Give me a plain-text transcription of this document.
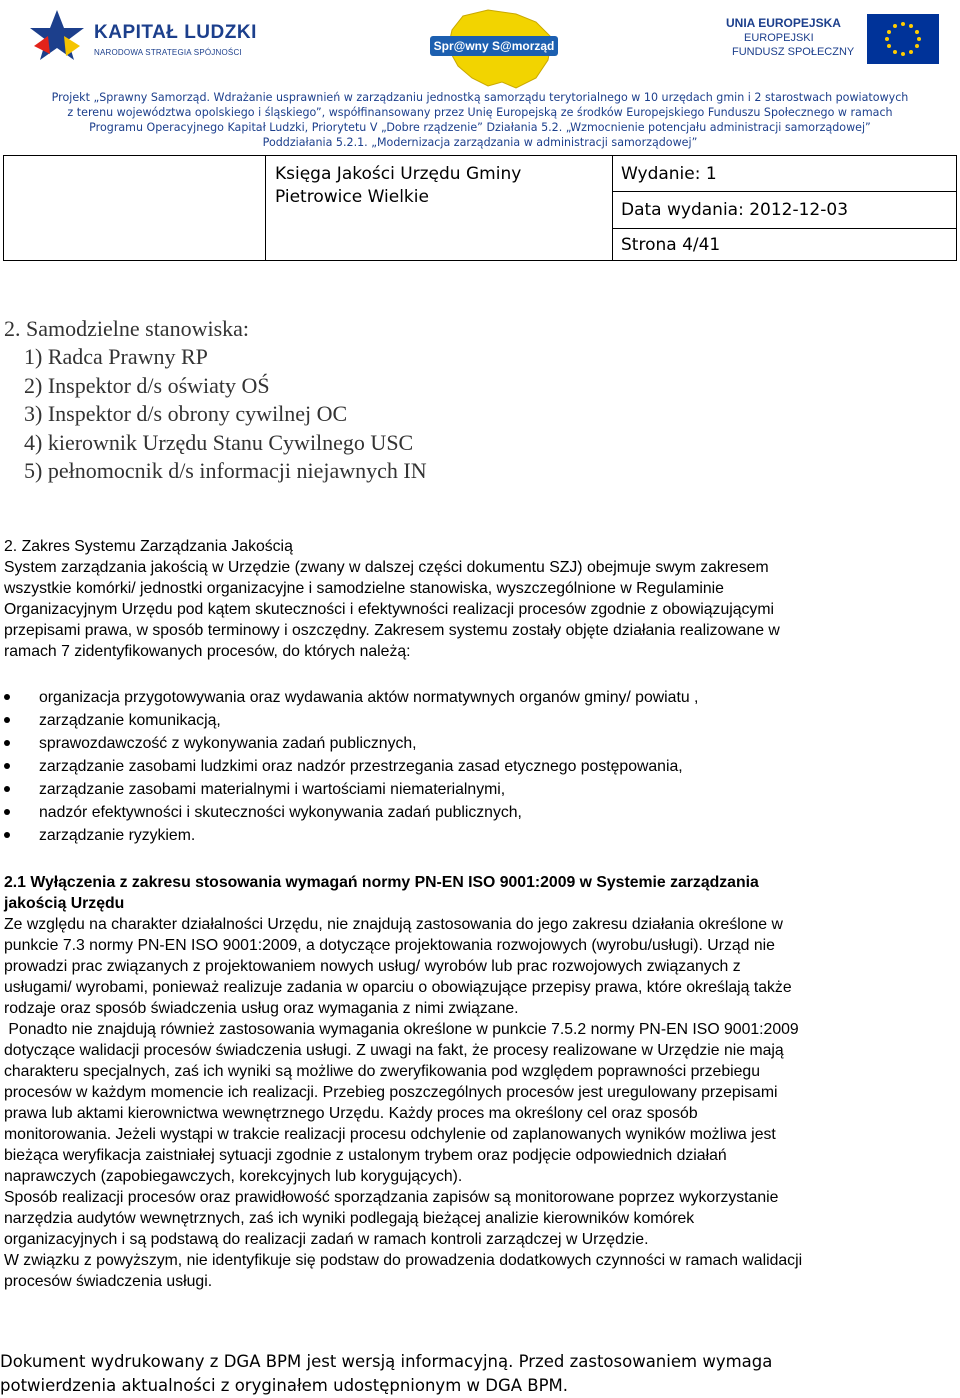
KAPITAŁ LUDZKI
NARODOWA STRATEGIA SPÓJNOŚCI	Spr@wny S@morząd
UNIA EUROPEJSKA
EUROPEJSKI
FUNDUSZ SPOŁECZNY
Projekt „Sprawny Samorząd. Wdrażanie usprawnień w zarządzaniu jednostką samorządu terytorialnego w 10 urzędach gmin i 2 starostwach powiatowych
z terenu województwa opolskiego i śląskiego”, współfinansowany przez Unię Europejską ze środków Europejskiego Funduszu Społecznego w ramach
Programu Operacyjnego Kapitał Ludzki, Priorytetu V „Dobre rządzenie” Działania 5.2. „Wzmocnienie potencjału administracji samorządowej”
Poddziałania 5.2.1. „Modernizacja zarządzania w administracji samorządowej”
Księga Jakości Urzędu Gminy
Pietrowice Wielkie
Wydanie: 1
Data wydania: 2012-12-03
Strona 4/41
2. Samodzielne stanowiska:
1) Radca Prawny RP
2) Inspektor d/s oświaty OŚ
3) Inspektor d/s obrony cywilnej OC
4) kierownik Urzędu Stanu Cywilnego USC
5) pełnomocnik d/s informacji niejawnych IN
2. Zakres Systemu Zarządzania Jakością
System zarządzania jakością w Urzędzie (zwany w dalszej części dokumentu SZJ) obejmuje swym zakresem
wszystkie komórki/ jednostki organizacyjne i samodzielne stanowiska, wyszczególnione w Regulaminie
Organizacyjnym Urzędu pod kątem skuteczności i efektywności realizacji procesów zgodnie z obowiązującymi
przepisami prawa, w sposób terminowy i oszczędny. Zakresem systemu zostały objęte działania realizowane w
ramach 7 zidentyfikowanych procesów, do których należą:
organizacja przygotowywania oraz wydawania aktów normatywnych organów gminy/ powiatu ,
zarządzanie komunikacją,
sprawozdawczość z wykonywania zadań publicznych,
zarządzanie zasobami ludzkimi oraz nadzór przestrzegania zasad etycznego postępowania,
zarządzanie zasobami materialnymi i wartościami niematerialnymi,
nadzór efektywności i skuteczności wykonywania zadań publicznych,
zarządzanie ryzykiem.
2.1 Wyłączenia z zakresu stosowania wymagań normy PN-EN ISO 9001:2009 w Systemie zarządzania
jakością Urzędu
Ze względu na charakter działalności Urzędu, nie znajdują zastosowania do jego zakresu działania określone w
punkcie 7.3 normy PN-EN ISO 9001:2009, a dotyczące projektowania rozwojowych (wyrobu/usługi). Urząd nie
prowadzi prac związanych z projektowaniem nowych usług/ wyrobów lub prac rozwojowych związanych z
usługami/ wyrobami, ponieważ realizuje zadania w oparciu o obowiązujące przepisy prawa, które określają także
rodzaje oraz sposób świadczenia usług oraz wymagania z nimi związane.
Ponadto nie znajdują również zastosowania wymagania określone w punkcie 7.5.2 normy PN-EN ISO 9001:2009
dotyczące walidacji procesów świadczenia usługi. Z uwagi na fakt, że procesy realizowane w Urzędzie nie mają
charakteru specjalnych, zaś ich wyniki są możliwe do zweryfikowania pod względem poprawności przebiegu
procesów w każdym momencie ich realizacji. Przebieg poszczególnych procesów jest uregulowany przepisami
prawa lub aktami kierownictwa wewnętrznego Urzędu. Każdy proces ma określony cel oraz sposób
monitorowania. Jeżeli wystąpi w trakcie realizacji procesu odchylenie od zaplanowanych wyników możliwa jest
bieżąca weryfikacja zaistniałej sytuacji zgodnie z ustalonym trybem oraz podjęcie odpowiednich działań
naprawczych (zapobiegawczych, korekcyjnych lub korygujących).
Sposób realizacji procesów oraz prawidłowość sporządzania zapisów są monitorowane poprzez wykorzystanie
narzędzia audytów wewnętrznych, zaś ich wyniki podlegają bieżącej analizie kierowników komórek
organizacyjnych i są podstawą do realizacji zadań w ramach kontroli zarządczej w Urzędzie.
W związku z powyższym, nie identyfikuje się podstaw do prowadzenia dodatkowych czynności w ramach walidacji
procesów świadczenia usługi.
Dokument wydrukowany z DGA BPM jest wersją informacyjną. Przed zastosowaniem wymaga
potwierdzenia aktualności z oryginałem udostępnionym w DGA BPM.
